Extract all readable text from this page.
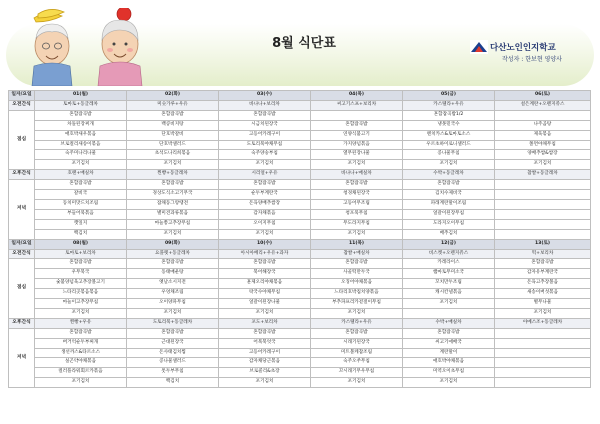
8월 식단표	다산노인인지학교
작성자 : 한보현 영양사
일자/요일	01(월)	02(화)	03(수)	04(목)	05(금)	06(토)
오전간식	토마토+동글레차	미숫가루+우유	바나나+보리차	씨고기스프+보리차	카스텔라+우유	설은계란+오렌지쥬스
점심	혼합잡곡밥	혼합잡곡밥	혼합잡곡밥		혼합잡곡밥1/2	
	차돌된장찌개	백콩비지탕	시금치된장국	혼합잡곡밥	냉못밑국수	나주곰탕
	애호박새우볶음	단호박갈비	고등어카레구이	연양식불고기	멘치카스&토마토소스	제육볶음
	브로컬리새송이볶음	단호박샐러드	도토리묵야채무침	가지양념볶음	우르초하이로니샐러드	쫄면야채무침
	숙주미나리나물	초석도나리희볶음	숙주양숭부침	열무된장나물	콩나물무침	양배추쌈&쌈장
	포기김치	포기김치	포기김치	포기김치	포기김치	포기김치
오후간식	호랜+매실차	찐빵+동글레차	시리얼+우유	바나나+매실차	수박+동글레차	찹쌀+동글레차
저녁	혼합잡곡밥	혼합잡곡밥	혼합잡곡밥	혼합잡곡밥	혼합잡곡밥	
	갈비국	경상도식소고기무국	순두부계란국	청경채된장국	김치수제비국	
	동치미맛드치조림	잡채동그랑땡전	돈육양배추쌈장	고등어무조림	파래계란말이조림	
	부들어묵볶음	별미견과류볶음	감자채볶음	청포묵무침	얼갈이된장무침	
	깻잎지	마늘쫑고추장무침	오이지무침	무도라지무침	도라지오이무침	
	백김치	포기김치	포기김치	포기김치	배추김치	
일자/요일	08(월)	09(화)	10(수)	11(목)	12(금)	13(토)
오전간식	토마토+보리차	요플렛+동글레차	아시아베리+우유+과자	찹쌀+매실차	비스켓+오렌지쥬스	떡+보리차
점심	혼합잡곡밥	혼합잡곡밥	혼합잡곡밥	혼합잡곡밥	카레라이스	혼합잡곡밥
	우무북국	동태매운탕	북어해장국	사골떡만두국	햄마토무미소국	감자유부계란국
	숯불양념육고추장볼고기	옛날소시지전	훈제오리야채볶음	오징어야채볶음	꼬치만두조림	돈육고추장볼음
	느타리곳볶음볶음	우엉채조림	락국수야채무침	느타리호박집치양볶음	캐시칸넬볶음	새송이버섯볶음
	마늘이고추장무침	오이양파무침	얼갈이된장나물	부추파프리카겉절이무침	포기김치	별무나물
	포기김치	포기김치	포기김치	포기김치		포기김치
오후간식	찐빵+우유	도토리묵+동글레차	포도+보리차	카스텔라+우유	수박+매실차	아메스조+동글레차
저녁	혼합잡곡밥	혼합잡곡밥	혼합잡곡밥	혼합잡곡밥	혼합잡곡밥	
	버거억순두부찌개	근대된장국	어묵북엇국	시래기된장국	씨고기애배국	
	생선까스&타르소스	돈사태김치찜	고등어카레구이	미트볼케찹조림	계란말이	
	실곤약야채볶음	콩나물샐러드	감자채당근볶음	숙주오쑤무침	애호박야채볶음	
	컬러플라워회르카볶음	톳두부무침	브로콜리&초장	꼬시래기무우무침	미역오이초무침	
	포기김치	백김치	포기김치	포기김치	포기김치	
